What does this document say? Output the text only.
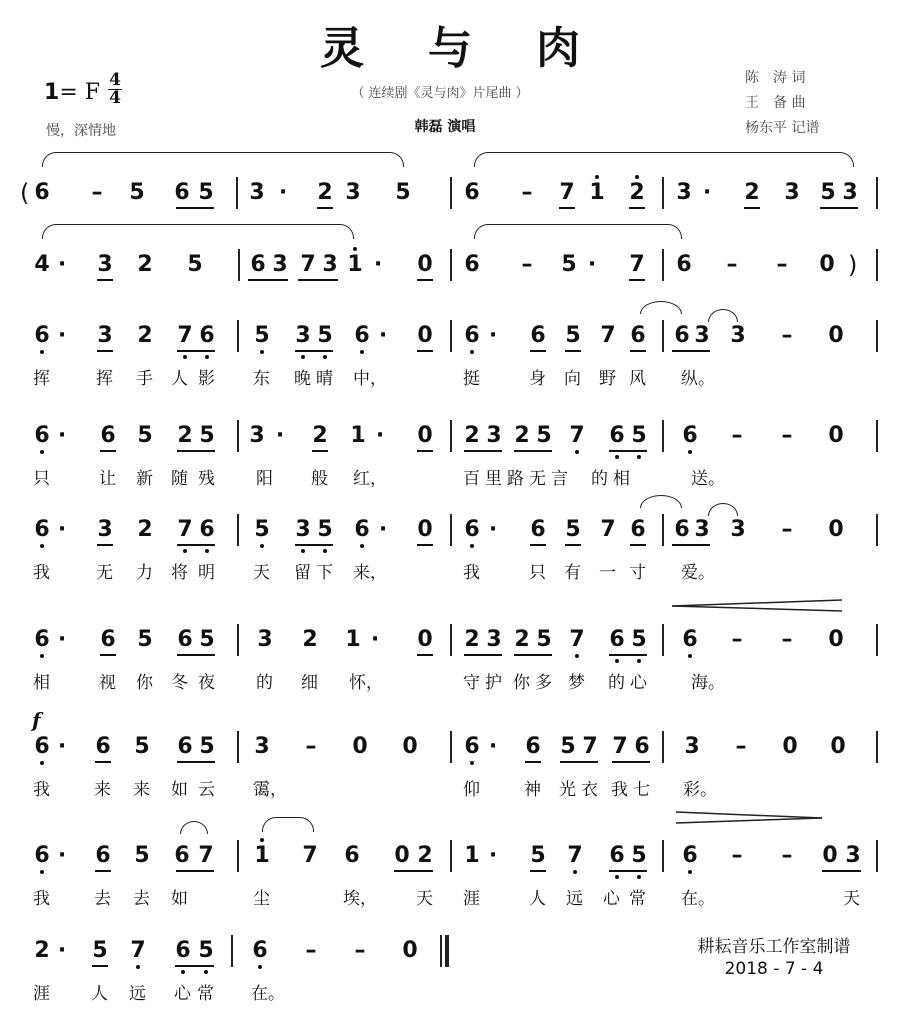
灵与肉
1= F 4
4
慢，深情地
（ 连续剧《灵与肉》片尾曲 ）
韩磊 演唱
陈　涛 词
王　备 曲
杨东平 记谱
( 6 – 5 6 5 3 ·	2 3 5 6 – 7 1 2 3 ·	2 3 5 3
4 ·	3 2 5 6 3 7 3 1 ·	0 6 – 5 ·	7 6 – – 0 )
6 ·	3 2 7 6 5 3 5 6 ·	0 6 ·	6 5 7 6 6 3 3 – 0
挥	挥 手 人 影 东 晚 晴 中，	挺	身 向 野 风 纵。
6 ·	6 5 2 5 3 ·	2 1 ·	0 2 3 2 5 7 6 5 6 – – 0
只	让 新 随 残 阳 般 红，	百 里 路 无 言 的 相	送。
6 ·	3 2 7 6 5 3 5 6 ·	0 6 ·	6 5 7 6 6 3 3 – 0
我	无 力 将 明 天 留 下 来，	我	只 有 一 寸 爱。
6 ·	6 5 6 5 3 2 1 ·	0 2 3 2 5 7 6 5 6 – – 0
相	视 你 冬 夜 的 细 怀，	守 护 你 多 梦 的 心	海。
6 ·	6 5 6 5 3 – 0 0 6 ·	6 5 7 7 6 3 – 0 0
我	来 来 如 云 霭，	仰	神 光 衣 我 七 彩。
6 ·	6 5 6 7 1 7 6 0 2 1 ·	5 7 6 5 6 – – 0 3
我	去 去 如	尘	埃， 天 涯	人 远 心 常 在。	天
2 ·	5 7 6 5 6 – – 0
涯 人 远 心 常 在。
f
耕耘音乐工作室制谱
2018 - 7 - 4
